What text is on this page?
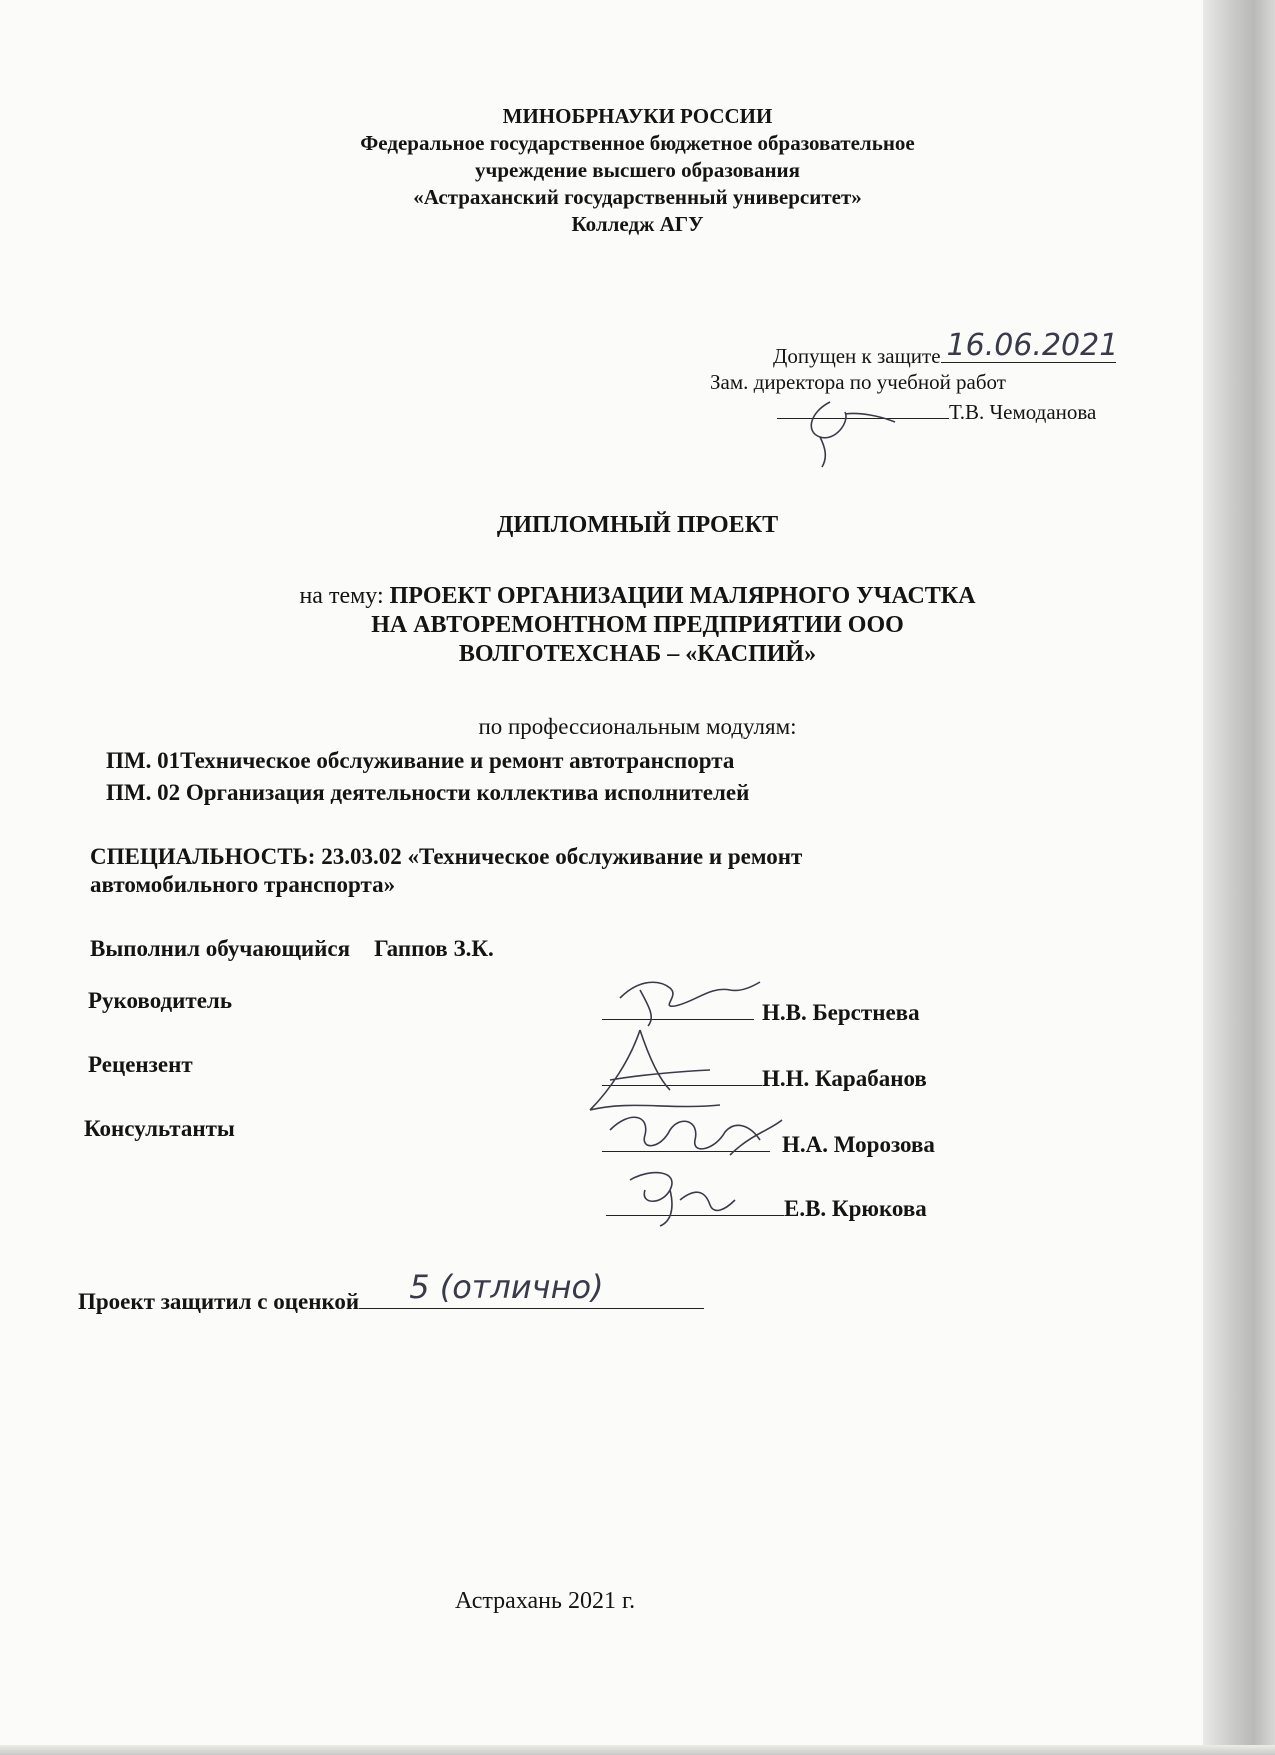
МИНОБРНАУКИ РОССИИ
Федеральное государственное бюджетное образовательное
учреждение высшего образования
«Астраханский государственный университет»
Колледж АГУ
Допущен к защите 16.06.2021
Зам. директора по учебной работ
Т.В. Чемоданова
ДИПЛОМНЫЙ ПРОЕКТ
на тему: ПРОЕКТ ОРГАНИЗАЦИИ МАЛЯРНОГО УЧАСТКА
НА АВТОРЕМОНТНОМ ПРЕДПРИЯТИИ ООО
ВОЛГОТЕХСНАБ – «КАСПИЙ»
по профессиональным модулям:
ПМ. 01Техническое обслуживание и ремонт автотранспорта
ПМ. 02 Организация деятельности коллектива исполнителей
СПЕЦИАЛЬНОСТЬ: 23.03.02 «Техническое обслуживание и ремонт
автомобильного транспорта»
Выполнил обучающийся Гаппов З.К.
Руководитель	Н.В. Берстнева
Рецензент
Н.Н. Карабанов
Консультанты
Н.А. Морозова
Е.В. Крюкова
Проект защитил с оценкой 5 (отлично)
Астрахань 2021 г.
